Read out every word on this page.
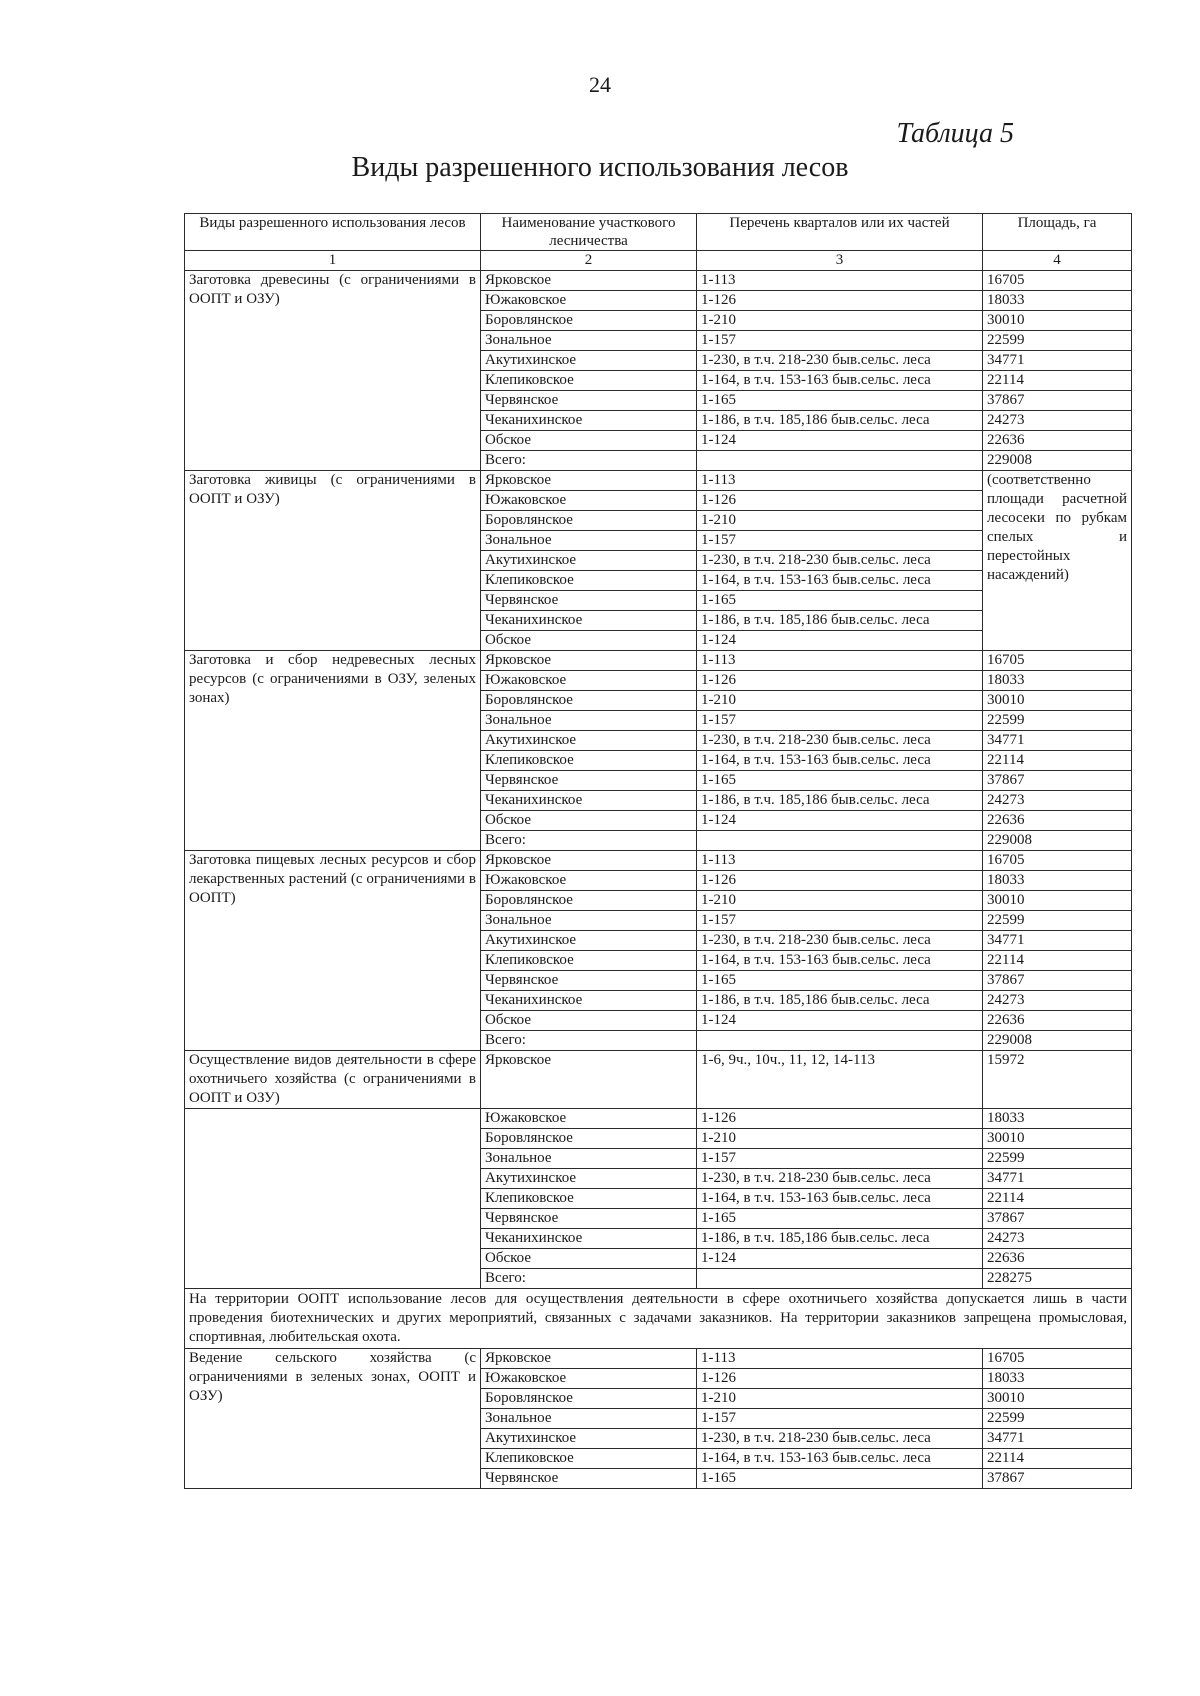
24
Таблица 5
Виды разрешенного использования лесов
Виды разрешенного использования лесов	Наименование участкового лесничества	Перечень кварталов или их частей	Площадь, га
1	2	3	4
Заготовка древесины (с ограничениями в ООПТ и ОЗУ)	Ярковское	1-113	16705
	Южаковское	1-126	18033
	Боровлянское	1-210	30010
	Зональное	1-157	22599
	Акутихинское	1-230, в т.ч. 218-230 быв.сельс. леса	34771
	Клепиковское	1-164, в т.ч. 153-163 быв.сельс. леса	22114
	Червянское	1-165	37867
	Чеканихинское	1-186, в т.ч. 185,186 быв.сельс. леса	24273
	Обское	1-124	22636
	Всего:		229008
Заготовка живицы (с ограничениями в ООПТ и ОЗУ)	Ярковское	1-113	(соответственно площади расчетной лесосеки по рубкам спелых и перестойных насаждений)
	Южаковское	1-126	
	Боровлянское	1-210	
	Зональное	1-157	
	Акутихинское	1-230, в т.ч. 218-230 быв.сельс. леса	
	Клепиковское	1-164, в т.ч. 153-163 быв.сельс. леса	
	Червянское	1-165	
	Чеканихинское	1-186, в т.ч. 185,186 быв.сельс. леса	
	Обское	1-124	
Заготовка и сбор недревесных лесных ресурсов (с ограничениями в ОЗУ, зеленых зонах)	Ярковское	1-113	16705
	Южаковское	1-126	18033
	Боровлянское	1-210	30010
	Зональное	1-157	22599
	Акутихинское	1-230, в т.ч. 218-230 быв.сельс. леса	34771
	Клепиковское	1-164, в т.ч. 153-163 быв.сельс. леса	22114
	Червянское	1-165	37867
	Чеканихинское	1-186, в т.ч. 185,186 быв.сельс. леса	24273
	Обское	1-124	22636
	Всего:		229008
Заготовка пищевых лесных ресурсов и сбор лекарственных растений (с ограничениями в ООПТ)	Ярковское	1-113	16705
	Южаковское	1-126	18033
	Боровлянское	1-210	30010
	Зональное	1-157	22599
	Акутихинское	1-230, в т.ч. 218-230 быв.сельс. леса	34771
	Клепиковское	1-164, в т.ч. 153-163 быв.сельс. леса	22114
	Червянское	1-165	37867
	Чеканихинское	1-186, в т.ч. 185,186 быв.сельс. леса	24273
	Обское	1-124	22636
	Всего:		229008
Осуществление видов деятельности в сфере охотничьего хозяйства (с ограничениями в ООПТ и ОЗУ)	Ярковское	1-6, 9ч., 10ч., 11, 12, 14-113	15972
	Южаковское	1-126	18033
	Боровлянское	1-210	30010
	Зональное	1-157	22599
	Акутихинское	1-230, в т.ч. 218-230 быв.сельс. леса	34771
	Клепиковское	1-164, в т.ч. 153-163 быв.сельс. леса	22114
	Червянское	1-165	37867
	Чеканихинское	1-186, в т.ч. 185,186 быв.сельс. леса	24273
	Обское	1-124	22636
	Всего:		228275
На территории ООПТ использование лесов для осуществления деятельности в сфере охотничьего хозяйства допускается лишь в части проведения биотехнических и других мероприятий, связанных с задачами заказников. На территории заказников запрещена промысловая, спортивная, любительская охота.			
Ведение сельского хозяйства (с ограничениями в зеленых зонах, ООПТ и ОЗУ)	Ярковское	1-113	16705
	Южаковское	1-126	18033
	Боровлянское	1-210	30010
	Зональное	1-157	22599
	Акутихинское	1-230, в т.ч. 218-230 быв.сельс. леса	34771
	Клепиковское	1-164, в т.ч. 153-163 быв.сельс. леса	22114
	Червянское	1-165	37867
